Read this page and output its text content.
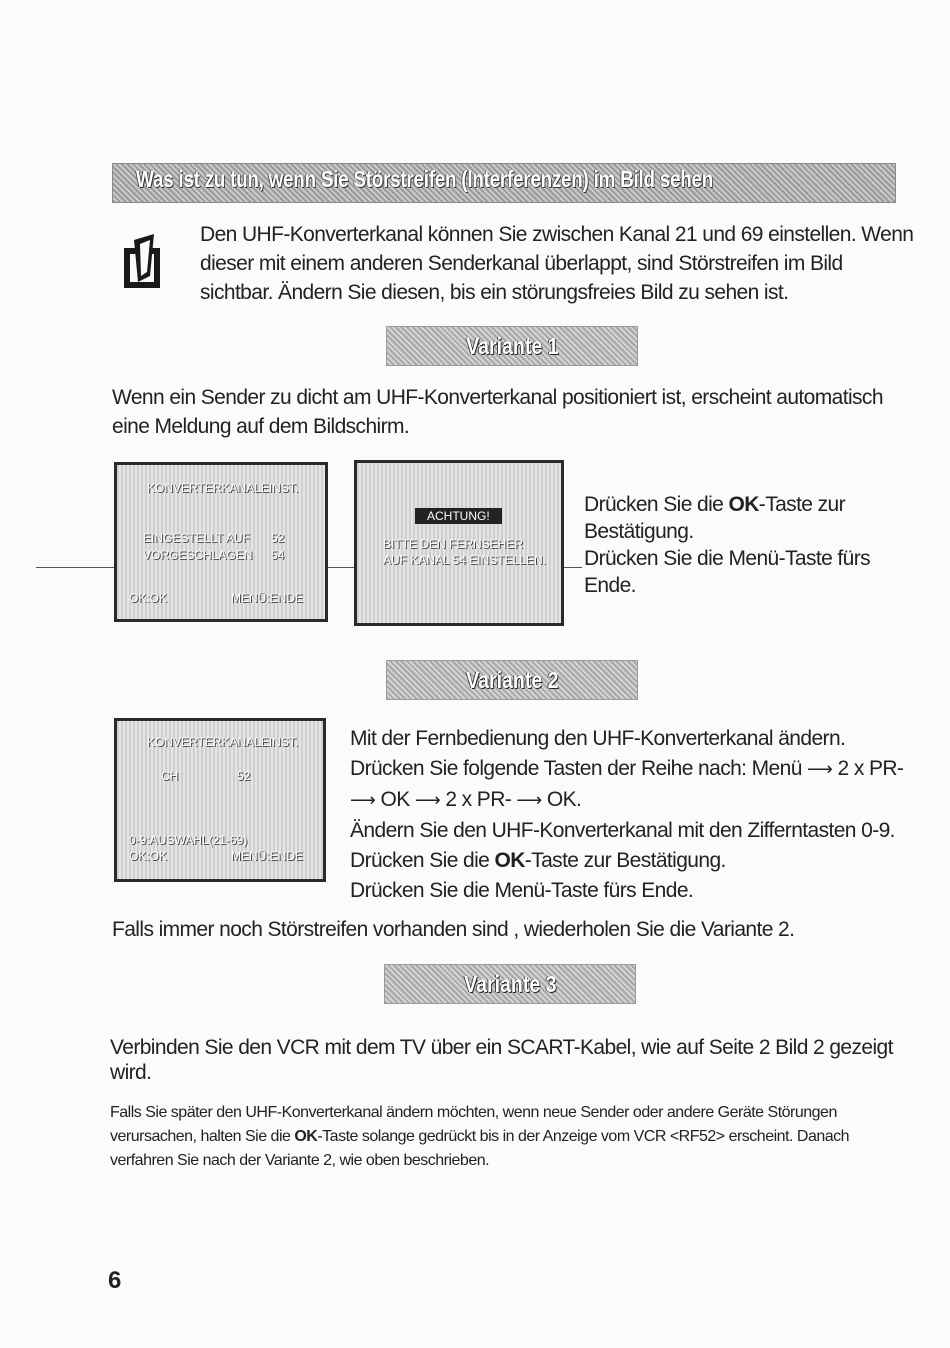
Was ist zu tun, wenn Sie Störstreifen (Interferenzen) im Bild sehen
Den UHF-Konverterkanal können Sie zwischen Kanal 21 und 69 einstellen. Wenn
dieser mit einem anderen Senderkanal überlappt, sind Störstreifen im Bild
sichtbar. Ändern Sie diesen, bis ein störungsfreies Bild zu sehen ist.
Variante 1
Wenn ein Sender zu dicht am UHF-Konverterkanal positioniert ist, erscheint automatisch
eine Meldung auf dem Bildschirm.
KONVERTERKANALEINST.
EINGESTELLT AUF 52
VORGESCHLAGEN 54
OK:OK	MENÜ:ENDE
ACHTUNG!
BITTE DEN FERNSEHER
AUF KANAL 54 EINSTELLEN.
Drücken Sie die OK-Taste zur
Bestätigung.
Drücken Sie die Menü-Taste fürs
Ende.
Variante 2
KONVERTERKANALEINST.
CH	52
0-9:AUSWAHL(21-69)
OK:OK	MENÜ:ENDE
Mit der Fernbedienung den UHF-Konverterkanal ändern.
Drücken Sie folgende Tasten der Reihe nach: Menü ⟶ 2 x PR-
⟶ OK ⟶ 2 x PR- ⟶ OK.
Ändern Sie den UHF-Konverterkanal mit den Zifferntasten 0-9.
Drücken Sie die OK-Taste zur Bestätigung.
Drücken Sie die Menü-Taste fürs Ende.
Falls immer noch Störstreifen vorhanden sind , wiederholen Sie die Variante 2.
Variante 3
Verbinden Sie den VCR mit dem TV über ein SCART-Kabel, wie auf Seite 2 Bild 2 gezeigt
wird.
Falls Sie später den UHF-Konverterkanal ändern möchten, wenn neue Sender oder andere Geräte Störungen
verursachen, halten Sie die OK-Taste solange gedrückt bis in der Anzeige vom VCR <RF52> erscheint. Danach
verfahren Sie nach der Variante 2, wie oben beschrieben.
6
